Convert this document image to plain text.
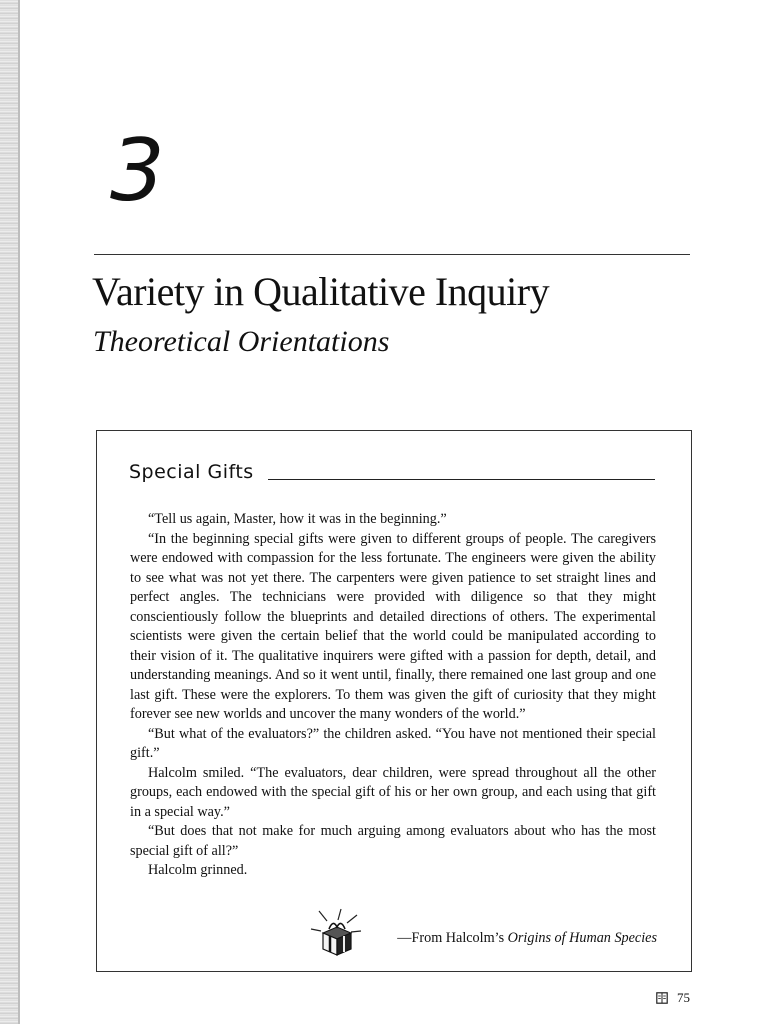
3
Variety in Qualitative Inquiry
Theoretical Orientations
Special Gifts

“Tell us again, Master, how it was in the beginning.”

“In the beginning special gifts were given to different groups of people. The caregivers were endowed with compassion for the less fortunate. The engineers were given the ability to see what was not yet there. The carpenters were given patience to set straight lines and perfect angles. The technicians were provided with diligence so that they might conscientiously follow the blueprints and detailed directions of others. The experimental scientists were given the certain belief that the world could be manipulated according to their vision of it. The qualitative inquirers were gifted with a passion for depth, detail, and understanding meanings. And so it went until, finally, there remained one last group and one last gift. These were the explorers. To them was given the gift of curiosity that they might forever see new worlds and uncover the many wonders of the world.”

“But what of the evaluators?” the children asked. “You have not mentioned their special gift.”

Halcolm smiled. “The evaluators, dear children, were spread throughout all the other groups, each endowed with the special gift of his or her own group, and each using that gift in a special way.”

“But does that not make for much arguing among evaluators about who has the most special gift of all?”

Halcolm grinned.

—From Halcolm’s Origins of Human Species
75
